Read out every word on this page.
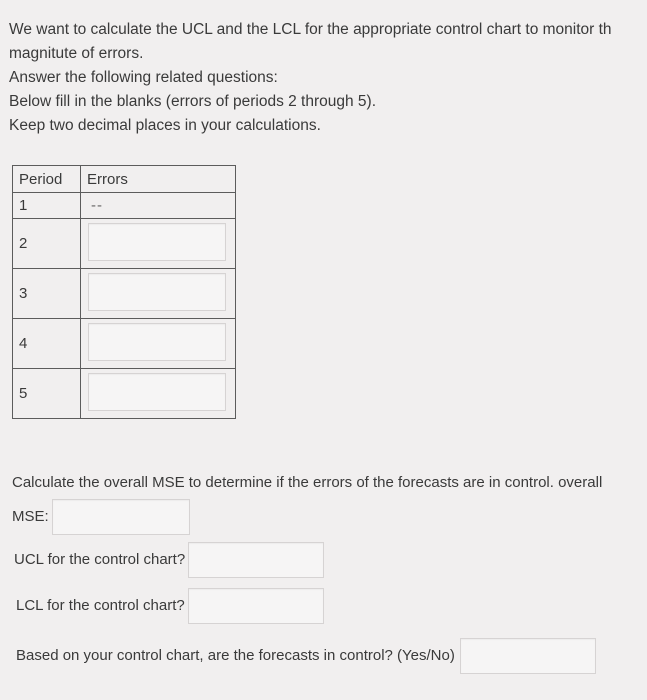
We want to calculate the UCL and the LCL for the appropriate control chart to monitor th

magnitute of errors.

Answer the following related questions:

Below fill in the blanks (errors of periods 2 through 5).

Keep two decimal places in your calculations.

Period	Errors
1	--
2	
3	
4	
5	
Calculate the overall MSE to determine if the errors of the forecasts are in control. overall
MSE:
UCL for the control chart?
LCL for the control chart?
Based on your control chart, are the forecasts in control? (Yes/No)
